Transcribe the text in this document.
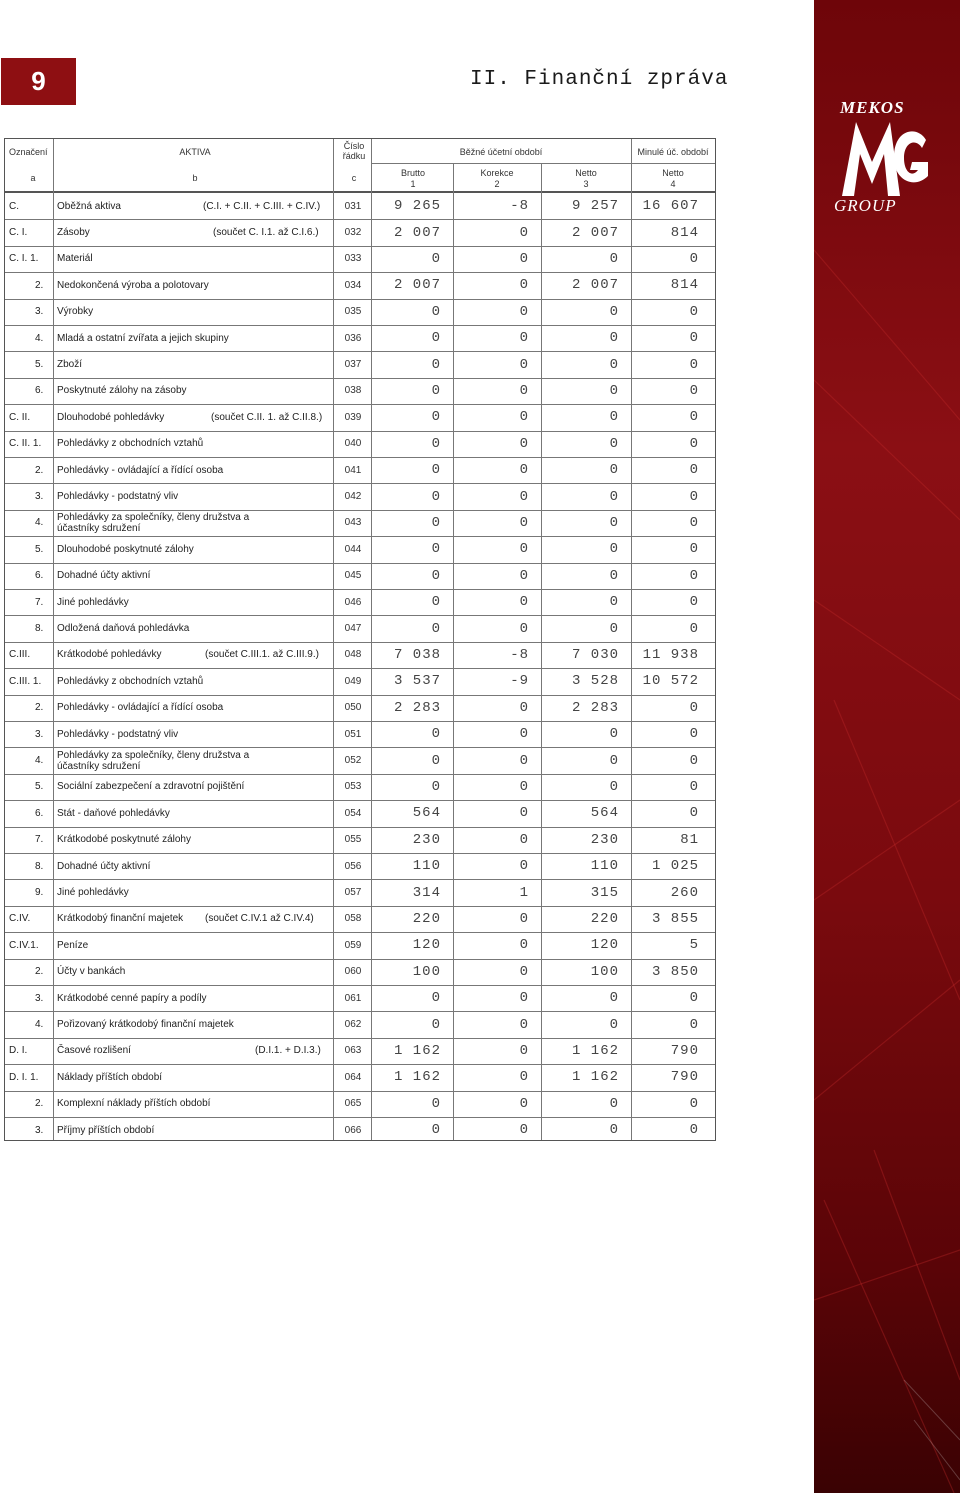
9	II. Finanční zpráva
MEKOS
GROUP
Označení	AKTIVA
Číslo řádku	Běžné účetní období	Minulé úč. období
Brutto	Korekce	Netto	Netto
1	2	3	4
a	b	c
C.	Oběžná aktiva	(C.I. + C.II. + C.III. + C.IV.)	031	9 265	-8	9 257	16 607
C. I.	Zásoby	(součet C. I.1. až C.I.6.)	032	2 007	0	2 007	814
C. I. 1.	Materiál	033	0	0	0	0
2.	Nedokončená výroba a polotovary	034	2 007	0	2 007	814
3.	Výrobky	035	0	0	0	0
4.	Mladá a ostatní zvířata a jejich skupiny	036	0	0	0	0
5.	Zboží	037	0	0	0	0
6.	Poskytnuté zálohy na zásoby	038	0	0	0	0
C. II.	Dlouhodobé pohledávky	(součet C.II. 1. až C.II.8.)	039	0	0	0	0
C. II. 1.	Pohledávky z obchodních vztahů	040	0	0	0	0
2.	Pohledávky - ovládající a řídící osoba	041	0	0	0	0
3.	Pohledávky - podstatný vliv	042	0	0	0	0
4.	Pohledávky za společníky, členy družstva a účastníky sdružení	043	0	0	0	0
5.	Dlouhodobé poskytnuté zálohy	044	0	0	0	0
6.	Dohadné účty aktivní	045	0	0	0	0
7.	Jiné pohledávky	046	0	0	0	0
8.	Odložená daňová pohledávka	047	0	0	0	0
C.III.	Krátkodobé pohledávky	(součet C.III.1. až C.III.9.)	048	7 038	-8	7 030	11 938
C.III. 1.	Pohledávky z obchodních vztahů	049	3 537	-9	3 528	10 572
2.	Pohledávky - ovládající a řídící osoba	050	2 283	0	2 283	0
3.	Pohledávky - podstatný vliv	051	0	0	0	0
4.	Pohledávky za společníky, členy družstva a účastníky sdružení	052	0	0	0	0
5.	Sociální zabezpečení a zdravotní pojištění	053	0	0	0	0
6.	Stát - daňové pohledávky	054	564	0	564	0
7.	Krátkodobé poskytnuté zálohy	055	230	0	230	81
8.	Dohadné účty aktivní	056	110	0	110	1 025
9.	Jiné pohledávky	057	314	1	315	260
C.IV.	Krátkodobý finanční majetek	(součet C.IV.1 až C.IV.4)	058	220	0	220	3 855
C.IV.1.	Peníze	059	120	0	120	5
2.	Účty v bankách	060	100	0	100	3 850
3.	Krátkodobé cenné papíry a podíly	061	0	0	0	0
4.	Pořizovaný krátkodobý finanční majetek	062	0	0	0	0
D. I.	Časové rozlišení	(D.I.1. + D.I.3.)	063	1 162	0	1 162	790
D. I. 1.	Náklady příštích období	064	1 162	0	1 162	790
2.	Komplexní náklady příštích období	065	0	0	0	0
3.	Příjmy příštích období	066	0	0	0	0
